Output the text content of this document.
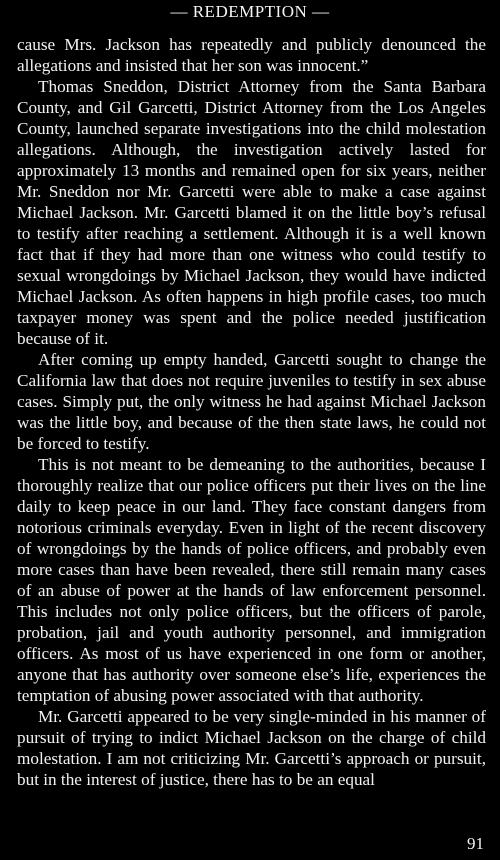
— REDEMPTION —

cause Mrs. Jackson has repeatedly and publicly denounced the allegations and insisted that her son was innocent.”

Thomas Sneddon, District Attorney from the Santa Barbara County, and Gil Garcetti, District Attorney from the Los Angeles County, launched separate investigations into the child molestation allegations. Although, the investigation actively lasted for approximately 13 months and remained open for six years, neither Mr. Sneddon nor Mr. Garcetti were able to make a case against Michael Jackson. Mr. Garcetti blamed it on the little boy’s refusal to testify after reaching a settlement. Although it is a well known fact that if they had more than one witness who could testify to sexual wrongdoings by Michael Jackson, they would have indicted Michael Jackson. As often happens in high profile cases, too much taxpayer money was spent and the police needed justification because of it.

After coming up empty handed, Garcetti sought to change the California law that does not require juveniles to testify in sex abuse cases. Simply put, the only witness he had against Michael Jackson was the little boy, and because of the then state laws, he could not be forced to testify.

This is not meant to be demeaning to the authorities, because I thoroughly realize that our police officers put their lives on the line daily to keep peace in our land. They face constant dangers from notorious criminals everyday. Even in light of the recent discovery of wrongdoings by the hands of police officers, and probably even more cases than have been revealed, there still remain many cases of an abuse of power at the hands of law enforcement personnel. This includes not only police officers, but the officers of parole, probation, jail and youth authority personnel, and immigration officers. As most of us have experienced in one form or another, anyone that has authority over someone else’s life, experiences the temptation of abusing power associated with that authority.

Mr. Garcetti appeared to be very single-minded in his manner of pursuit of trying to indict Michael Jackson on the charge of child molestation. I am not criticizing Mr. Garcetti’s approach or pursuit, but in the interest of justice, there has to be an equal

91
